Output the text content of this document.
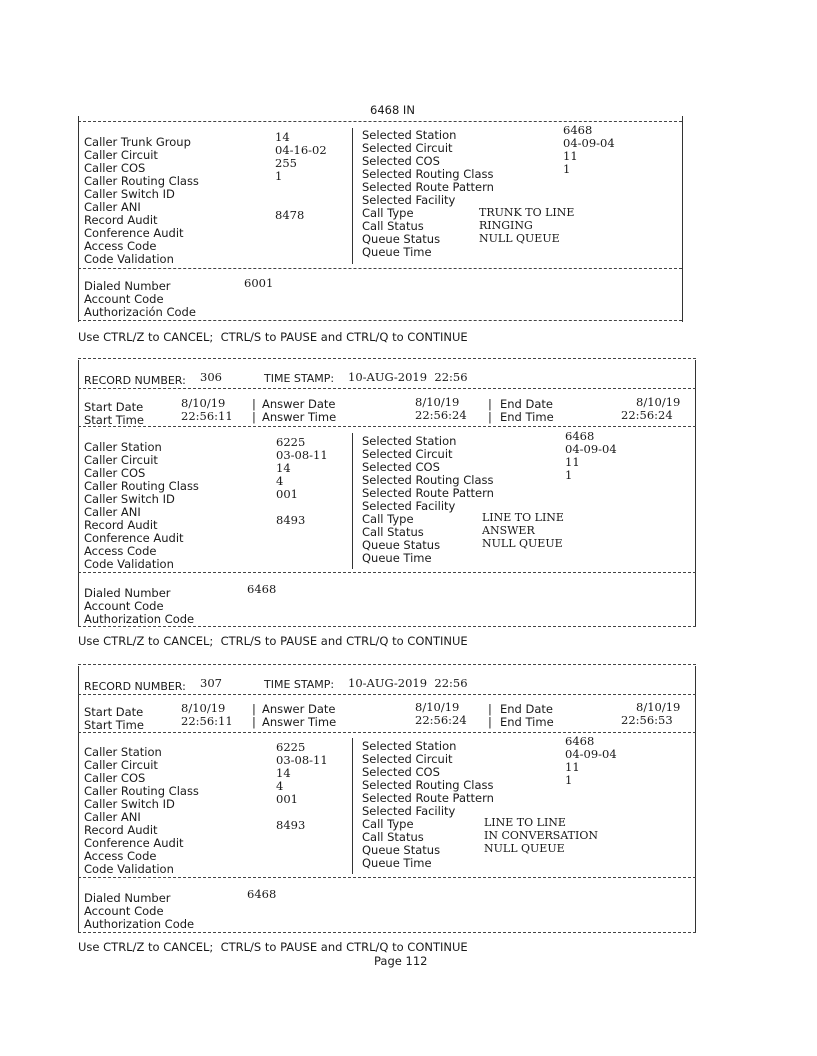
6468 IN
Caller Trunk Group
Caller Circuit
Caller COS
Caller Routing Class
Caller Switch ID
Caller ANI
Record Audit
Conference Audit
Access Code
Code Validation
14
04-16-02
255
1
8478
Selected Station
Selected Circuit
Selected COS
Selected Routing Class
Selected Route Pattern
Selected Facility
Call Type
Call Status
Queue Status
Queue Time
6468
04-09-04
11
1
TRUNK TO LINE
RINGING
NULL QUEUE
Dialed Number
Account Code
Authorización Code
6001
Use CTRL/Z to CANCEL;  CTRL/S to PAUSE and CTRL/Q to CONTINUE
RECORD NUMBER: 306	TIME STAMP: 10-AUG-2019  22:56
Start Date
Start Time
8/10/19
22:56:11
|
|
Answer Date
Answer Time
8/10/19
22:56:24
|
|
End Date
End Time
8/10/19
22:56:24
Caller Station
Caller Circuit
Caller COS
Caller Routing Class
Caller Switch ID
Caller ANI
Record Audit
Conference Audit
Access Code
Code Validation
6225
03-08-11
14
4
001
8493
Selected Station
Selected Circuit
Selected COS
Selected Routing Class
Selected Route Pattern
Selected Facility
Call Type
Call Status
Queue Status
Queue Time
6468
04-09-04
11
1
LINE TO LINE
ANSWER
NULL QUEUE
Dialed Number
Account Code
Authorization Code
6468
Use CTRL/Z to CANCEL;  CTRL/S to PAUSE and CTRL/Q to CONTINUE
RECORD NUMBER: 307	TIME STAMP: 10-AUG-2019  22:56
Start Date
Start Time
8/10/19
22:56:11
|
|
Answer Date
Answer Time
8/10/19
22:56:24
|
|
End Date
End Time
8/10/19
22:56:53
Caller Station
Caller Circuit
Caller COS
Caller Routing Class
Caller Switch ID
Caller ANI
Record Audit
Conference Audit
Access Code
Code Validation
6225
03-08-11
14
4
001
8493
Selected Station
Selected Circuit
Selected COS
Selected Routing Class
Selected Route Pattern
Selected Facility
Call Type
Call Status
Queue Status
Queue Time
6468
04-09-04
11
1
LINE TO LINE
IN CONVERSATION
NULL QUEUE
Dialed Number
Account Code
Authorization Code
6468
Use CTRL/Z to CANCEL;  CTRL/S to PAUSE and CTRL/Q to CONTINUE
Page 112
